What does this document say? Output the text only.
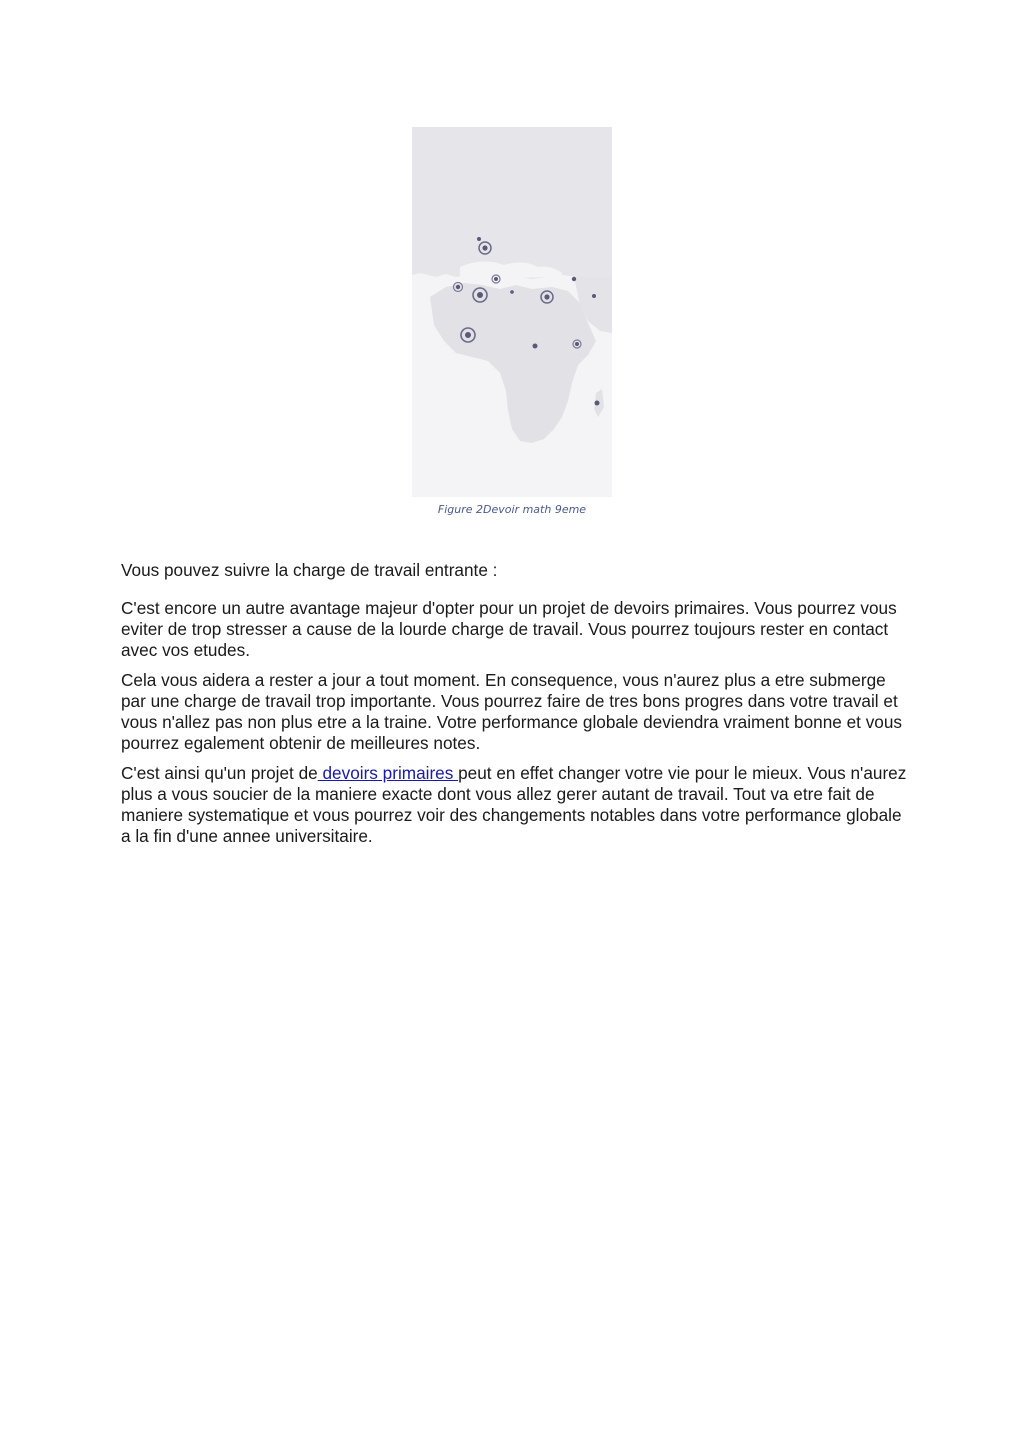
Figure 2Devoir math 9eme

Vous pouvez suivre la charge de travail entrante :

C'est encore un autre avantage majeur d'opter pour un projet de devoirs primaires. Vous pourrez vous eviter de trop stresser a cause de la lourde charge de travail. Vous pourrez toujours rester en contact avec vos etudes.

Cela vous aidera a rester a jour a tout moment. En consequence, vous n'aurez plus a etre submerge par une charge de travail trop importante. Vous pourrez faire de tres bons progres dans votre travail et vous n'allez pas non plus etre a la traine. Votre performance globale deviendra vraiment bonne et vous pourrez egalement obtenir de meilleures notes.

C'est ainsi qu'un projet de devoirs primaires peut en effet changer votre vie pour le mieux. Vous n'aurez plus a vous soucier de la maniere exacte dont vous allez gerer autant de travail. Tout va etre fait de maniere systematique et vous pourrez voir des changements notables dans votre performance globale a la fin d'une annee universitaire.
